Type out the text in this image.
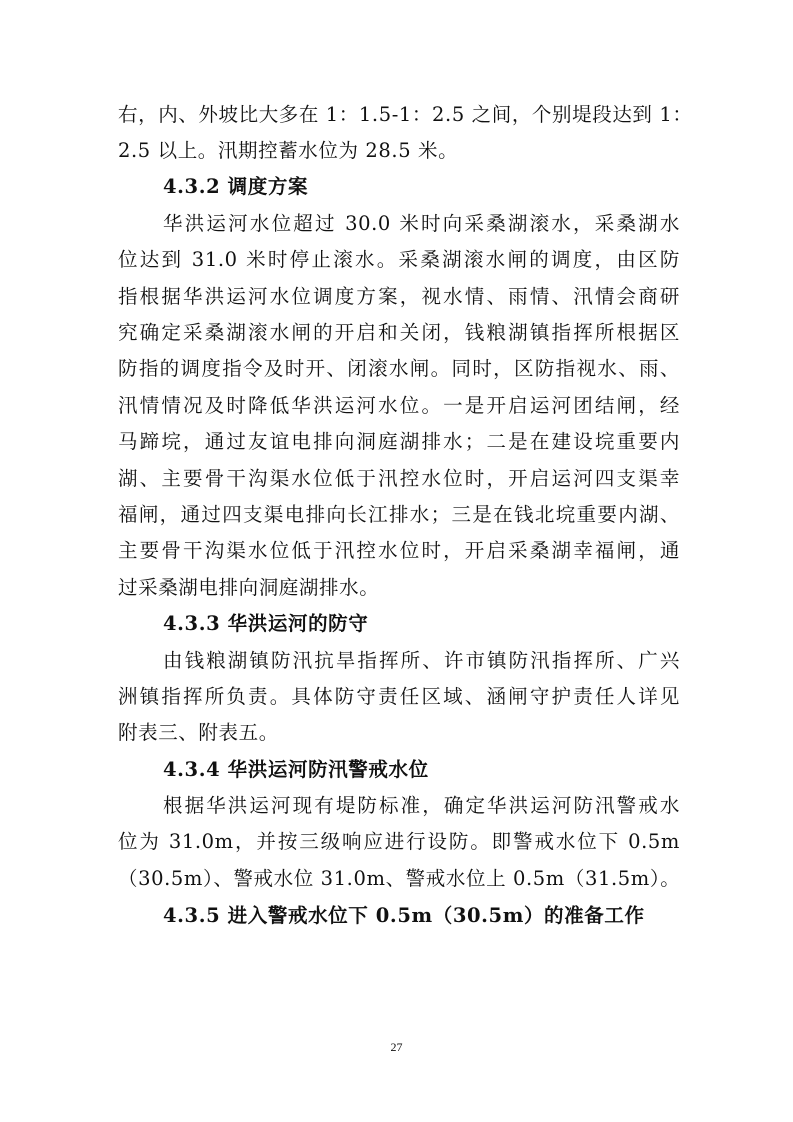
右，内、外坡比大多在 1：1.5-1：2.5 之间，个别堤段达到 1：
2.5 以上。汛期控蓄水位为 28.5 米。
4.3.2 调度方案
华洪运河水位超过 30.0 米时向采桑湖滚水，采桑湖水
位达到 31.0 米时停止滚水。采桑湖滚水闸的调度，由区防
指根据华洪运河水位调度方案，视水情、雨情、汛情会商研
究确定采桑湖滚水闸的开启和关闭，钱粮湖镇指挥所根据区
防指的调度指令及时开、闭滚水闸。同时，区防指视水、雨、
汛情情况及时降低华洪运河水位。一是开启运河团结闸，经
马蹄垸，通过友谊电排向洞庭湖排水；二是在建设垸重要内
湖、主要骨干沟渠水位低于汛控水位时，开启运河四支渠幸
福闸，通过四支渠电排向长江排水；三是在钱北垸重要内湖、
主要骨干沟渠水位低于汛控水位时，开启采桑湖幸福闸，通
过采桑湖电排向洞庭湖排水。
4.3.3 华洪运河的防守
由钱粮湖镇防汛抗旱指挥所、许市镇防汛指挥所、广兴
洲镇指挥所负责。具体防守责任区域、涵闸守护责任人详见
附表三、附表五。
4.3.4 华洪运河防汛警戒水位
根据华洪运河现有堤防标准，确定华洪运河防汛警戒水
位为 31.0m，并按三级响应进行设防。即警戒水位下 0.5m
（30.5m）、警戒水位 31.0m、警戒水位上 0.5m（31.5m）。
4.3.5 进入警戒水位下 0.5m（30.5m）的准备工作
27
